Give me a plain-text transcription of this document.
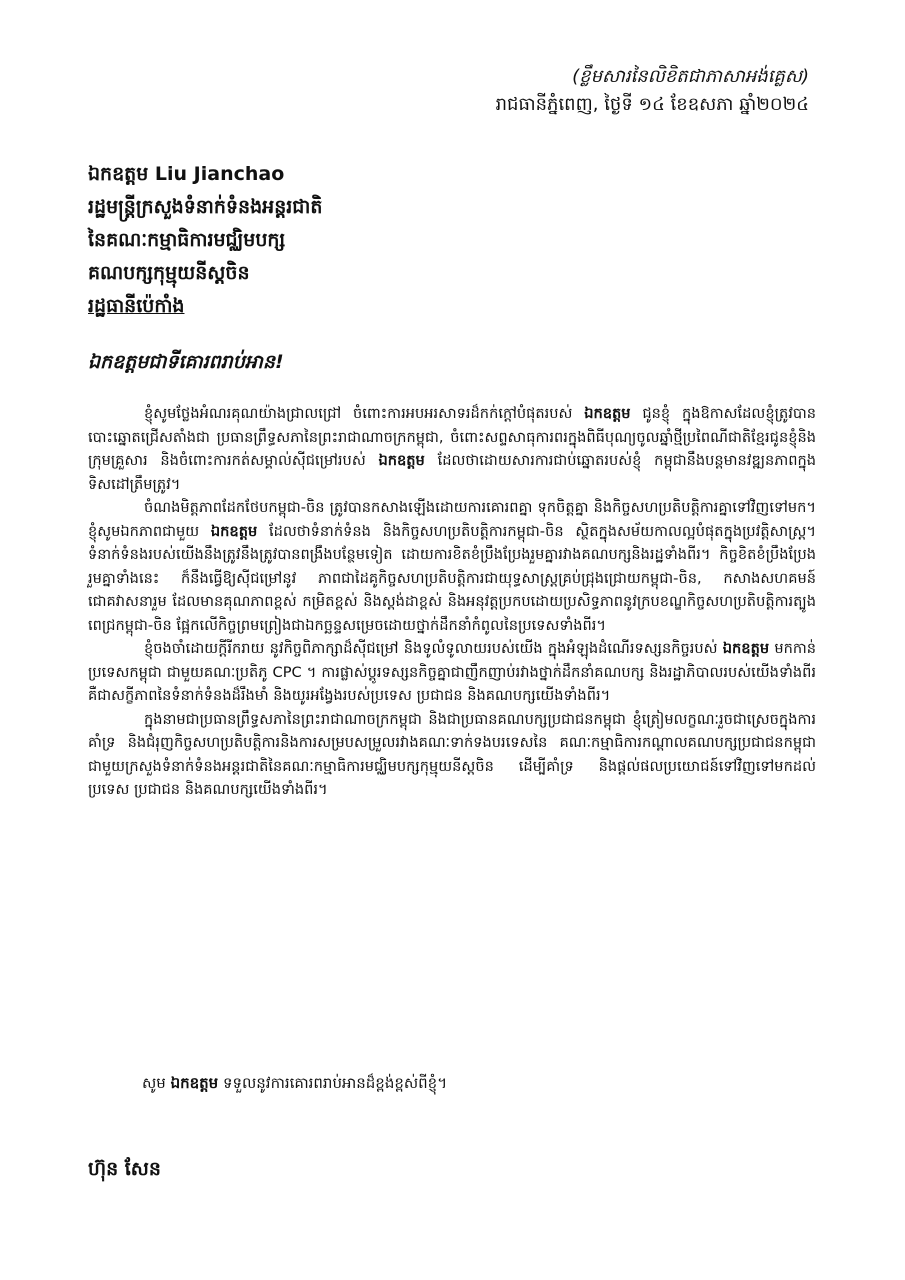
(ខ្លឹមសារនៃលិខិតជាភាសាអង់គ្លេស)
រាជធានីភ្នំពេញ, ថ្ងៃទី ១៤ ខែឧសភា ឆ្នាំ២០២៤
ឯកឧត្តម Liu Jianchao
រដ្ឋមន្ត្រីក្រសួងទំនាក់ទំនងអន្តរជាតិ
នៃគណៈកម្មាធិការមជ្ឈិមបក្ស
គណបក្សកុម្មុយនីស្តចិន
រដ្ឋធានីប៉េកាំង
ឯកឧត្តមជាទីគោរពរាប់អាន!

ខ្ញុំសូមថ្លែងអំណរគុណយ៉ាងជ្រាលជ្រៅ ចំពោះការអបអរសាទរដ៏កក់ក្តៅបំផុតរបស់ ឯកឧត្តម ជូនខ្ញុំ ក្នុងឱកាសដែលខ្ញុំត្រូវបានបោះឆ្នោតជ្រើសតាំងជា ប្រធានព្រឹទ្ធសភានៃព្រះរាជាណាចក្រកម្ពុជា, ចំពោះសព្ទសាធុការពរក្នុងពិធីបុណ្យចូលឆ្នាំថ្មីប្រពៃណីជាតិខ្មែរជូនខ្ញុំនិងក្រុមគ្រួសារ និងចំពោះការកត់សម្គាល់ស៊ីជម្រៅរបស់ ឯកឧត្តម ដែលថាដោយសារការជាប់ឆ្នោតរបស់ខ្ញុំ កម្ពុជានឹងបន្តមានវឌ្ឍនភាពក្នុងទិសដៅត្រឹមត្រូវ។

ចំណងមិត្តភាពដែកថែបកម្ពុជា-ចិន ត្រូវបានកសាងឡើងដោយការគោរពគ្នា ទុកចិត្តគ្នា និងកិច្ចសហប្រតិបត្តិការគ្នាទៅវិញទៅមក។ ខ្ញុំសូមឯកភាពជាមួយ ឯកឧត្តម ដែលថាទំនាក់ទំនង និងកិច្ចសហប្រតិបត្តិការកម្ពុជា-ចិន ស្ថិតក្នុងសម័យកាលល្អបំផុតក្នុងប្រវត្តិសាស្ត្រ។ ទំនាក់ទំនងរបស់យើងនឹងត្រូវនឹងត្រូវបានពង្រឹងបន្ថែមទៀត ដោយការខិតខំប្រឹងប្រែងរួមគ្នារវាងគណបក្សនិងរដ្ឋទាំងពីរ។ កិច្ចខិតខំប្រឹងប្រែងរួមគ្នាទាំងនេះ ក៏នឹងធ្វើឱ្យស៊ីជម្រៅនូវ ភាពជាដៃគូកិច្ចសហប្រតិបត្តិការជាយុទ្ធសាស្ត្រគ្រប់ជ្រុងជ្រោយកម្ពុជា-ចិន, កសាងសហគមន៍ជោគវាសនារួម ដែលមានគុណភាពខ្ពស់ កម្រិតខ្ពស់ និងស្តង់ដាខ្ពស់ និងអនុវត្តប្រកបដោយប្រសិទ្ធភាពនូវក្របខណ្ឌកិច្ចសហប្រតិបត្តិការត្បូងពេជ្រកម្ពុជា-ចិន ផ្អែកលើកិច្ចព្រមព្រៀងជាឯកច្ឆន្ទសម្រេចដោយថ្នាក់ដឹកនាំកំពូលនៃប្រទេសទាំងពីរ។

ខ្ញុំចងចាំដោយក្តីរីករាយ នូវកិច្ចពិភាក្សាដ៏ស៊ីជម្រៅ និងទូលំទូលាយរបស់យើង ក្នុងអំឡុងដំណើរទស្សនកិច្ចរបស់ ឯកឧត្តម មកកាន់ប្រទេសកម្ពុជា ជាមួយគណៈប្រតិភូ CPC ។ ការផ្លាស់ប្តូរទស្សនកិច្ចគ្នាជាញឹកញាប់រវាងថ្នាក់ដឹកនាំគណបក្ស និងរដ្ឋាភិបាលរបស់យើងទាំងពីរ គឺជាសក្ខីភាពនៃទំនាក់ទំនងដ៏រឹងមាំ និងយូរអង្វែងរបស់ប្រទេស ប្រជាជន និងគណបក្សយើងទាំងពីរ។

ក្នុងនាមជាប្រធានព្រឹទ្ធសភានៃព្រះរាជាណាចក្រកម្ពុជា និងជាប្រធានគណបក្សប្រជាជនកម្ពុជា ខ្ញុំត្រៀមលក្ខណៈរួចជាស្រេចក្នុងការគាំទ្រ និងជំរុញកិច្ចសហប្រតិបត្តិការនិងការសម្របសម្រួលរវាងគណៈទាក់ទងបរទេសនៃ គណៈកម្មាធិការកណ្តាលគណបក្សប្រជាជនកម្ពុជា ជាមួយក្រសួងទំនាក់ទំនងអន្តរជាតិនៃគណៈកម្មាធិការមជ្ឈិមបក្សកុម្មុយនីស្តចិន ដើម្បីគាំទ្រ និងផ្តល់ផលប្រយោជន៍ទៅវិញទៅមកដល់ប្រទេស ប្រជាជន និងគណបក្សយើងទាំងពីរ។

សូម ឯកឧត្តម ទទួលនូវការគោរពរាប់អានដ៏ខ្ពង់ខ្ពស់ពីខ្ញុំ។
ហ៊ុន សែន
